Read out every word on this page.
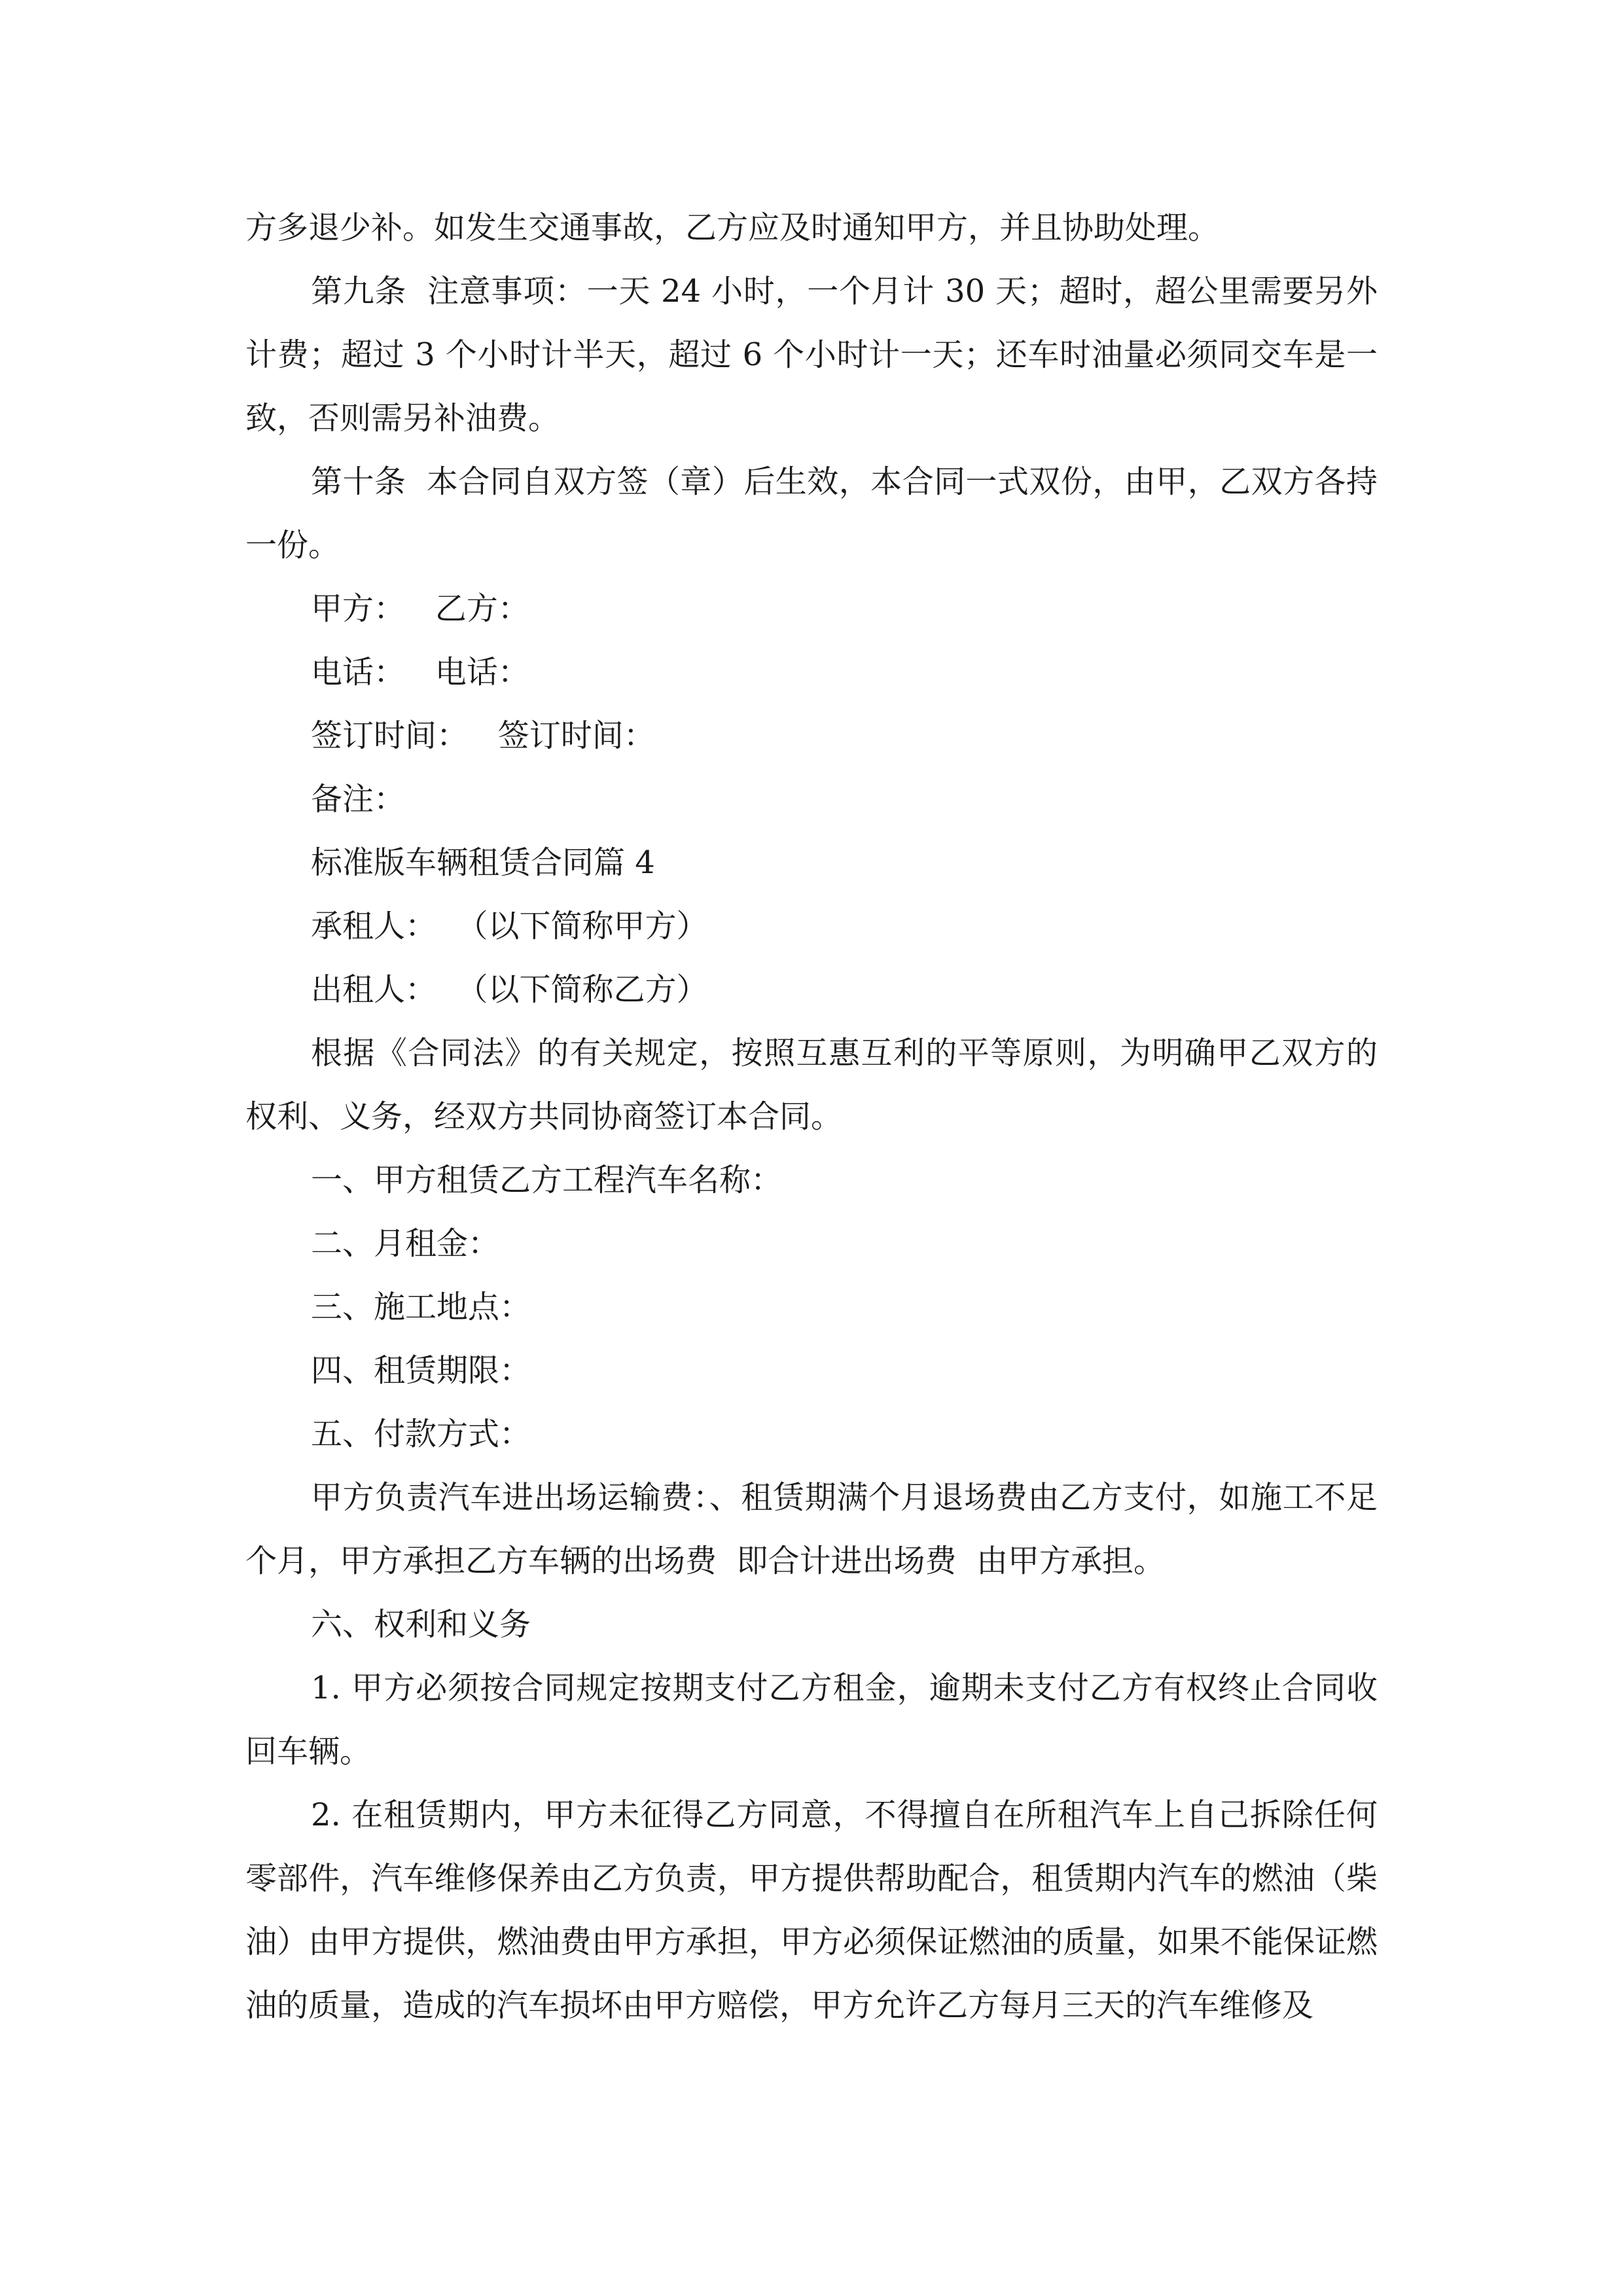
方多退少补。如发生交通事故，乙方应及时通知甲方，并且协助处理。

第九条  注意事项：一天 24 小时，一个月计 30 天；超时，超公里需要另外计费；超过 3 个小时计半天，超过 6 个小时计一天；还车时油量必须同交车是一致，否则需另补油费。

第十条  本合同自双方签（章）后生效，本合同一式双份，由甲，乙双方各持一份。

甲方：   乙方：

电话：   电话：

签订时间：   签订时间：

备注：

标准版车辆租赁合同篇 4

承租人：  （以下简称甲方）

出租人：  （以下简称乙方）

根据《合同法》的有关规定，按照互惠互利的平等原则，为明确甲乙双方的权利、义务，经双方共同协商签订本合同。

一、甲方租赁乙方工程汽车名称：

二、月租金：

三、施工地点：

四、租赁期限：

五、付款方式：

甲方负责汽车进出场运输费：、租赁期满个月退场费由乙方支付，如施工不足  个月，甲方承担乙方车辆的出场费  即合计进出场费  由甲方承担。

六、权利和义务

1. 甲方必须按合同规定按期支付乙方租金，逾期未支付乙方有权终止合同收回车辆。

2. 在租赁期内，甲方未征得乙方同意，不得擅自在所租汽车上自己拆除任何零部件，汽车维修保养由乙方负责，甲方提供帮助配合，租赁期内汽车的燃油（柴油）由甲方提供，燃油费由甲方承担，甲方必须保证燃油的质量，如果不能保证燃油的质量，造成的汽车损坏由甲方赔偿，甲方允许乙方每月三天的汽车维修及
